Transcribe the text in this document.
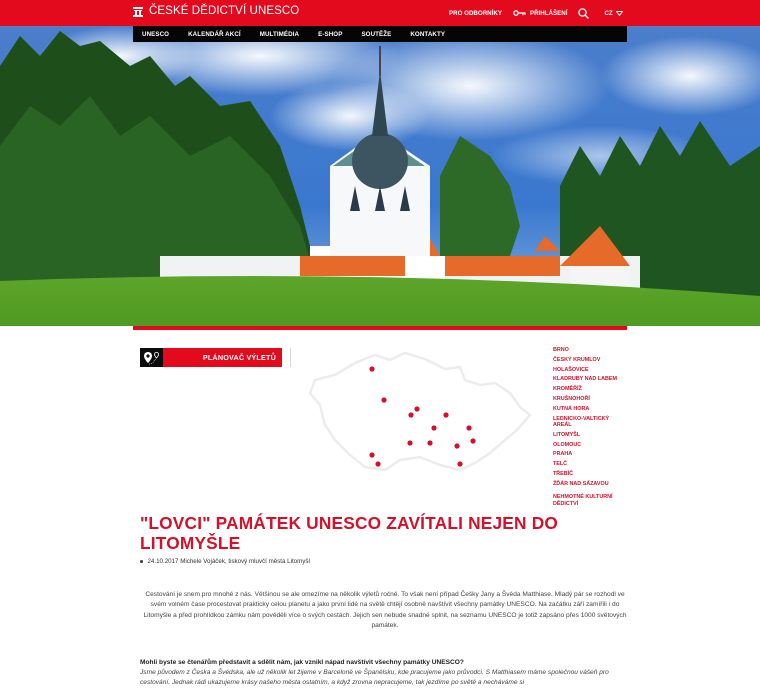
ČESKÉ DĚDICTVÍ UNESCO	PRO ODBORNÍKY	PŘIHLÁŠENÍ	CZ
UNESCO	KALENDÁŘ AKCÍ	MULTIMÉDIA	E-SHOP	SOUTĚŽE	KONTAKTY
PLÁNOVAČ VÝLETŮ
BRNO
ČESKÝ KRUMLOV
HOLAŠOVICE
KLADRUBY NAD LABEM
KROMĚŘÍŽ
KRUŠNOHOŘÍ
KUTNÁ HORA
LEDNICKO-VALTICKÝ AREÁL
LITOMYŠL
OLOMOUC
PRAHA
TELČ
TŘEBÍČ
ŽĎÁR NAD SÁZAVOU
NEHMOTNÉ KULTURNÍ DĚDICTVÍ
"LOVCI" PAMÁTEK UNESCO ZAVÍTALI NEJEN DO LITOMYŠLE
24.10.2017
Michele Vojáček, tiskový mluvčí města Litomyšl

Cestování je snem pro mnohé z nás. Většinou se ale omezíme na několik výletů ročně. To však není případ Češky Jany a Švéda Matthiase. Mladý pár se rozhodl ve svém volném čase procestovat prakticky celou planetu a jako první lidé na světě chtějí osobně navštívit všechny památky UNESCO. Na začátku září zamířili i do Litomyšle a před prohlídkou zámku nám pověděli více o svých cestách. Jejich sen nebude snadné splnit, na seznamu UNESCO je totiž zapsáno přes 1000 světových památek.

Mohli byste se čtenářům představit a sdělit nám, jak vznikl nápad navštívit všechny památky UNESCO?

Jsme původem z Česka a Švédska, ale už několik let žijeme v Barceloně ve Španělsku, kde pracujeme jako průvodci. S Matthiasem máme společnou vášeň pro cestování. Jednak rádi ukazujeme krásy našeho města ostatním, a když zrovna nepracujeme, tak jezdíme po světě a necháváme si
